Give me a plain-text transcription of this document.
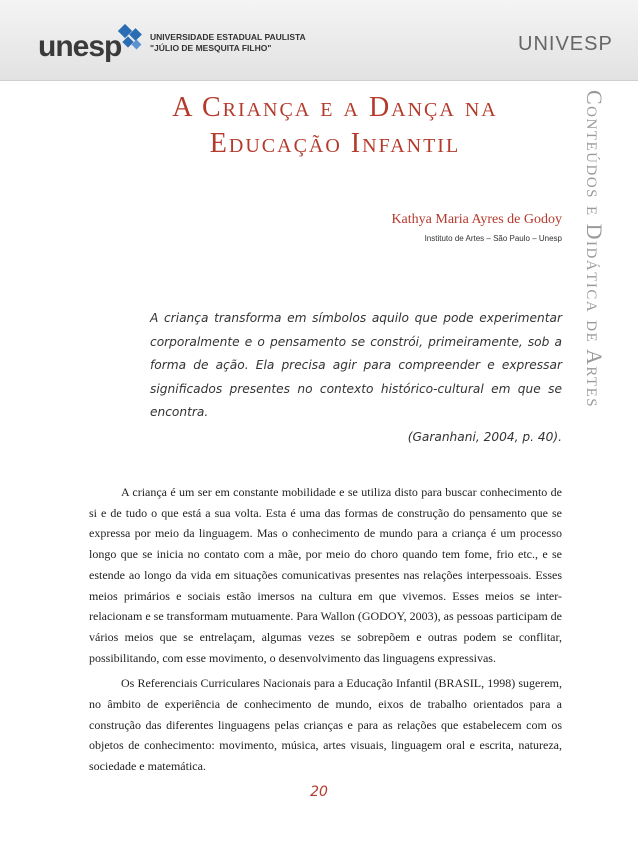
unesp	UNIVERSIDADE ESTADUAL PAULISTA
"JÚLIO DE MESQUITA FILHO"	UNIVESP
Conteúdos e Didática de Artes
A Criança e a Dança na
Educação Infantil
Kathya Maria Ayres de Godoy
Instituto de Artes – São Paulo – Unesp

A criança transforma em símbolos aquilo que pode experimentar corporalmente e o pensamento se constrói, primeiramente, sob a forma de ação. Ela precisa agir para compreender e expressar significados presentes no contexto histórico-cultural em que se encontra.

(Garanhani, 2004, p. 40).

A criança é um ser em constante mobilidade e se utiliza disto para buscar conhecimento de si e de tudo o que está a sua volta. Esta é uma das formas de construção do pensamento que se expressa por meio da linguagem. Mas o conhecimento de mundo para a criança é um processo longo que se inicia no contato com a mãe, por meio do choro quando tem fome, frio etc., e se estende ao longo da vida em situações comunicativas presentes nas relações interpessoais. Esses meios primários e sociais estão imersos na cultura em que vivemos. Esses meios se inter-relacionam e se transformam mutuamente. Para Wallon (GODOY, 2003), as pessoas participam de vários meios que se entrelaçam, algumas vezes se sobrepõem e outras podem se conflitar, possibilitando, com esse movimento, o desenvolvimento das linguagens expressivas.

Os Referenciais Curriculares Nacionais para a Educação Infantil (BRASIL, 1998) sugerem, no âmbito de experiência de conhecimento de mundo, eixos de trabalho orientados para a construção das diferentes linguagens pelas crianças e para as relações que estabelecem com os objetos de conhecimento: movimento, música, artes visuais, linguagem oral e escrita, natureza, sociedade e matemática.

20
